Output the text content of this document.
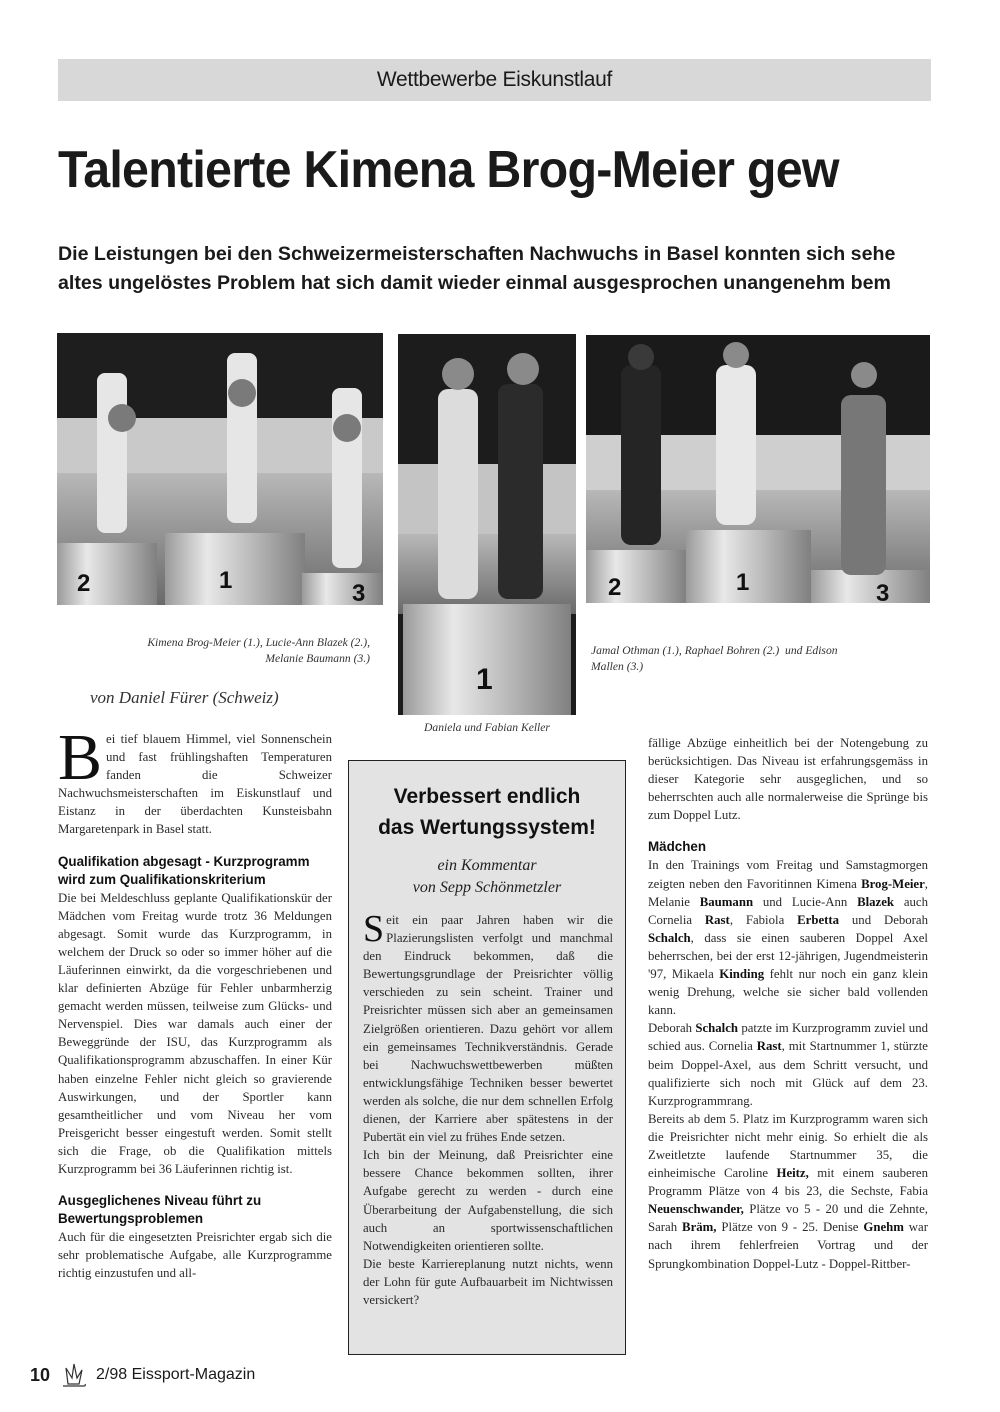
Wettbewerbe Eiskunstlauf
Talentierte Kimena Brog-Meier gew
Die Leistungen bei den Schweizermeisterschaften Nachwuchs in Basel konnten sich sehe
altes ungelöstes Problem hat sich damit wieder einmal ausgesprochen unangenehm bem
2	1	3
Kimena Brog-Meier (1.), Lucie-Ann Blazek (2.),
Melanie Baumann (3.)
1
Daniela und Fabian Keller
2	1	3
Jamal Othman (1.), Raphael Bohren (2.)  und Edison
Mallen (3.)
von Daniel Fürer (Schweiz)

Bei tief blauem Himmel, viel Sonnenschein und fast frühlingshaften Temperaturen fanden die Schweizer Nachwuchsmeisterschaften im Eiskunstlauf und Eistanz in der überdachten Kunsteisbahn Margaretenpark in Basel statt.

Qualifikation abgesagt - Kurzprogramm wird zum Qualifikationskriterium

Die bei Meldeschluss geplante Qualifikationskür der Mädchen vom Freitag wurde trotz 36 Meldungen abgesagt. Somit wurde das Kurzprogramm, in welchem der Druck so oder so immer höher auf die Läuferinnen einwirkt, da die vorgeschriebenen und klar definierten Abzüge für Fehler unbarmherzig gemacht werden müssen, teilweise zum Glücks- und Nervenspiel. Dies war damals auch einer der Beweggründe der ISU, das Kurzprogramm als Qualifikationsprogramm abzuschaffen. In einer Kür haben einzelne Fehler nicht gleich so gravierende Auswirkungen, und der Sportler kann gesamtheitlicher und vom Niveau her vom Preisgericht besser eingestuft werden. Somit stellt sich die Frage, ob die Qualifikation mittels Kurzprogramm bei 36 Läuferinnen richtig ist.

Ausgeglichenes Niveau führt zu Bewertungsproblemen

Auch für die eingesetzten Preisrichter ergab sich die sehr problematische Aufgabe, alle Kurzprogramme richtig einzustufen und all-

Verbessert endlich
das Wertungssystem!
ein Kommentar
von Sepp Schönmetzler

Seit ein paar Jahren haben wir die Plazierungslisten verfolgt und manchmal den Eindruck bekommen, daß die Bewertungsgrundlage der Preisrichter völlig verschieden zu sein scheint. Trainer und Preisrichter müssen sich aber an gemeinsamen Zielgrößen orientieren. Dazu gehört vor allem ein gemeinsames Technikverständnis. Gerade bei Nachwuchswettbewerben müßten entwicklungsfähige Techniken besser bewertet werden als solche, die nur dem schnellen Erfolg dienen, der Karriere aber spätestens in der Pubertät ein viel zu frühes Ende setzen.

Ich bin der Meinung, daß Preisrichter eine bessere Chance bekommen sollten, ihrer Aufgabe gerecht zu werden - durch eine Überarbeitung der Aufgabenstellung, die sich auch an sportwissenschaftlichen Notwendigkeiten orientieren sollte.

Die beste Karriereplanung nutzt nichts, wenn der Lohn für gute Aufbauarbeit im Nichtwissen versickert?

fällige Abzüge einheitlich bei der Notengebung zu berücksichtigen. Das Niveau ist erfahrungsgemäss in dieser Kategorie sehr ausgeglichen, und so beherrschten auch alle normalerweise die Sprünge bis zum Doppel Lutz.

Mädchen

In den Trainings vom Freitag und Samstagmorgen zeigten neben den Favoritinnen Kimena Brog-Meier, Melanie Baumann und Lucie-Ann Blazek auch Cornelia Rast, Fabiola Erbetta und Deborah Schalch, dass sie einen sauberen Doppel Axel beherrschen, bei der erst 12-jährigen, Jugendmeisterin '97, Mikaela Kinding fehlt nur noch ein ganz klein wenig Drehung, welche sie sicher bald vollenden kann.

Deborah Schalch patzte im Kurzprogramm zuviel und schied aus. Cornelia Rast, mit Startnummer 1, stürzte beim Doppel-Axel, aus dem Schritt versucht, und qualifizierte sich noch mit Glück auf dem 23. Kurzprogrammrang.

Bereits ab dem 5. Platz im Kurzprogramm waren sich die Preisrichter nicht mehr einig. So erhielt die als Zweitletzte laufende Startnummer 35, die einheimische Caroline Heitz, mit einem sauberen Programm Plätze von 4 bis 23, die Sechste, Fabia Neuenschwander, Plätze vo 5 - 20 und die Zehnte, Sarah Bräm, Plätze von 9 - 25. Denise Gnehm war nach ihrem fehlerfreien Vortrag und der Sprungkombination Doppel-Lutz - Doppel-Rittber-

10	2/98 Eissport-Magazin
